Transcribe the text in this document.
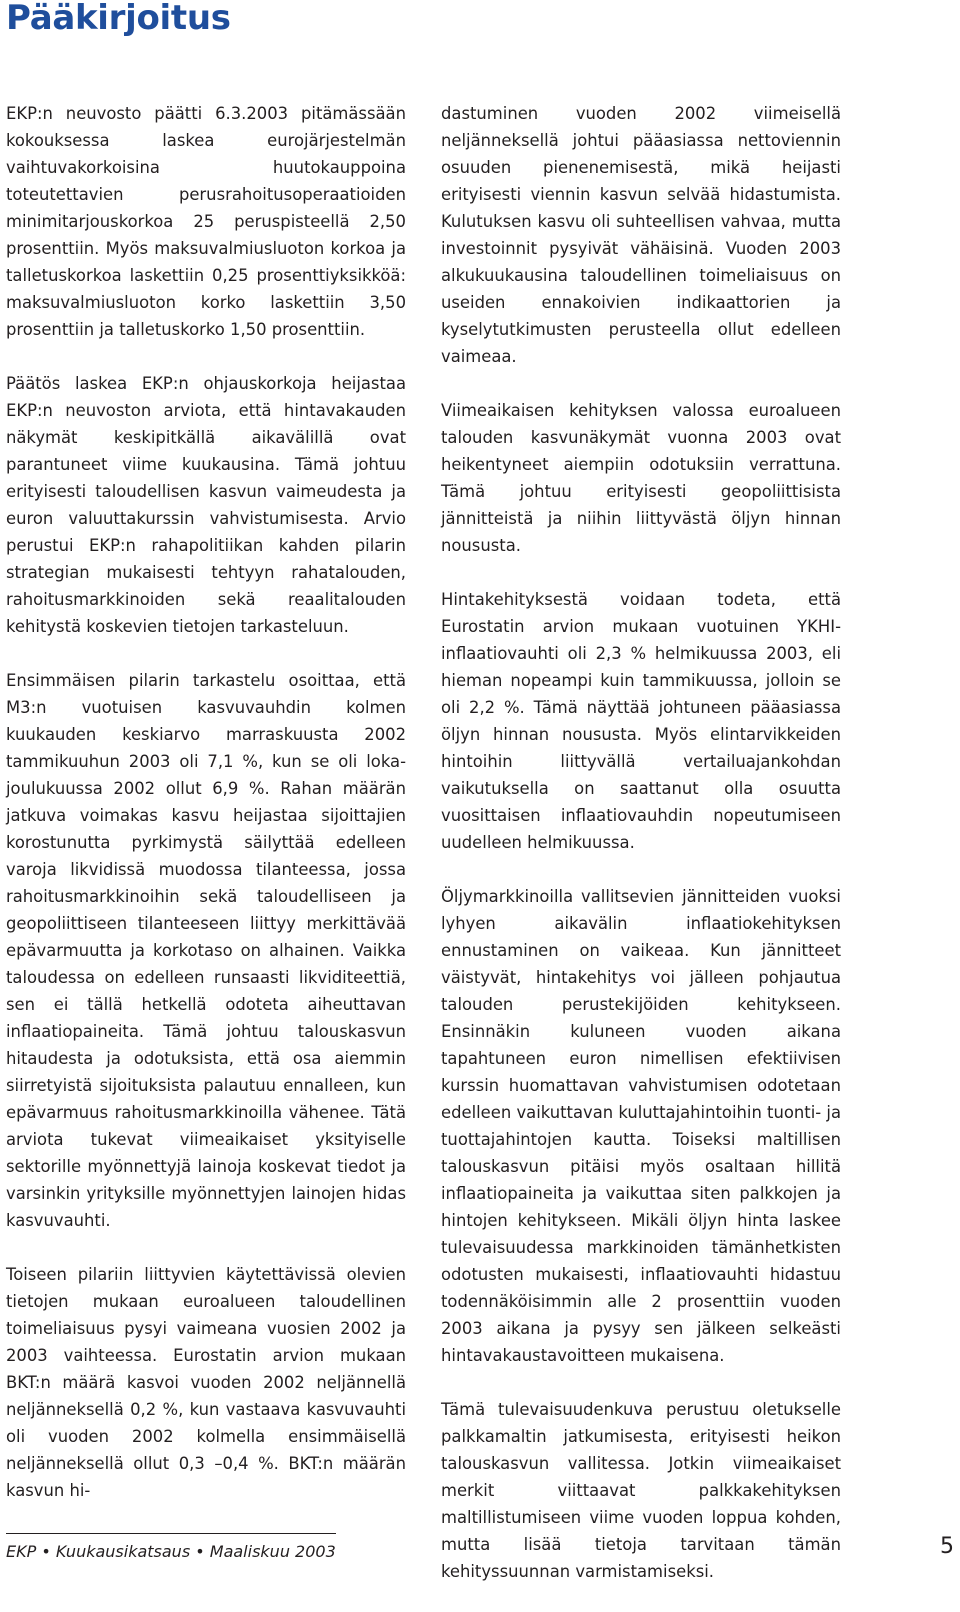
Pääkirjoitus

EKP:n neuvosto päätti 6.3.2003 pitämässään kokouksessa laskea eurojärjestelmän vaihtuvakorkoisina huutokauppoina toteutettavien perusrahoitusoperaatioiden minimitarjouskorkoa 25 peruspisteellä 2,50 prosenttiin. Myös maksuvalmiusluoton korkoa ja talletuskorkoa laskettiin 0,25 prosenttiyksikköä: maksuvalmiusluoton korko laskettiin 3,50 prosenttiin ja talletuskorko 1,50 prosenttiin.

Päätös laskea EKP:n ohjauskorkoja heijastaa EKP:n neuvoston arviota, että hintavakauden näkymät keskipitkällä aikavälillä ovat parantuneet viime kuukausina. Tämä johtuu erityisesti taloudellisen kasvun vaimeudesta ja euron valuuttakurssin vahvistumisesta. Arvio perustui EKP:n rahapolitiikan kahden pilarin strategian mukaisesti tehtyyn rahatalouden, rahoitusmarkkinoiden sekä reaalitalouden kehitystä koskevien tietojen tarkasteluun.

Ensimmäisen pilarin tarkastelu osoittaa, että M3:n vuotuisen kasvuvauhdin kolmen kuukauden keskiarvo marraskuusta 2002 tammikuuhun 2003 oli 7,1 %, kun se oli loka-joulukuussa 2002 ollut 6,9 %. Rahan määrän jatkuva voimakas kasvu heijastaa sijoittajien korostunutta pyrkimystä säilyttää edelleen varoja likvidissä muodossa tilanteessa, jossa rahoitusmarkkinoihin sekä taloudelliseen ja geopoliittiseen tilanteeseen liittyy merkittävää epävarmuutta ja korkotaso on alhainen. Vaikka taloudessa on edelleen runsaasti likviditeettiä, sen ei tällä hetkellä odoteta aiheuttavan inflaatiopaineita. Tämä johtuu talouskasvun hitaudesta ja odotuksista, että osa aiemmin siirretyistä sijoituksista palautuu ennalleen, kun epävarmuus rahoitusmarkkinoilla vähenee. Tätä arviota tukevat viimeaikaiset yksityiselle sektorille myönnettyjä lainoja koskevat tiedot ja varsinkin yrityksille myönnettyjen lainojen hidas kasvuvauhti.

Toiseen pilariin liittyvien käytettävissä olevien tietojen mukaan euroalueen taloudellinen toimeliaisuus pysyi vaimeana vuosien 2002 ja 2003 vaihteessa. Eurostatin arvion mukaan BKT:n määrä kasvoi vuoden 2002 neljännellä neljänneksellä 0,2 %, kun vastaava kasvuvauhti oli vuoden 2002 kolmella ensimmäisellä neljänneksellä ollut 0,3 –0,4 %. BKT:n määrän kasvun hi-

dastuminen vuoden 2002 viimeisellä neljänneksellä johtui pääasiassa nettoviennin osuuden pienenemisestä, mikä heijasti erityisesti viennin kasvun selvää hidastumista. Kulutuksen kasvu oli suhteellisen vahvaa, mutta investoinnit pysyivät vähäisinä. Vuoden 2003 alkukuukausina taloudellinen toimeliaisuus on useiden ennakoivien indikaattorien ja kyselytutkimusten perusteella ollut edelleen vaimeaa.

Viimeaikaisen kehityksen valossa euroalueen talouden kasvunäkymät vuonna 2003 ovat heikentyneet aiempiin odotuksiin verrattuna. Tämä johtuu erityisesti geopoliittisista jännitteistä ja niihin liittyvästä öljyn hinnan noususta.

Hintakehityksestä voidaan todeta, että Eurostatin arvion mukaan vuotuinen YKHI-inflaatiovauhti oli 2,3 % helmikuussa 2003, eli hieman nopeampi kuin tammikuussa, jolloin se oli 2,2 %. Tämä näyttää johtuneen pääasiassa öljyn hinnan noususta. Myös elintarvikkeiden hintoihin liittyvällä vertailuajankohdan vaikutuksella on saattanut olla osuutta vuosittaisen inflaatiovauhdin nopeutumiseen uudelleen helmikuussa.

Öljymarkkinoilla vallitsevien jännitteiden vuoksi lyhyen aikavälin inflaatiokehityksen ennustaminen on vaikeaa. Kun jännitteet väistyvät, hintakehitys voi jälleen pohjautua talouden perustekijöiden kehitykseen. Ensinnäkin kuluneen vuoden aikana tapahtuneen euron nimellisen efektiivisen kurssin huomattavan vahvistumisen odotetaan edelleen vaikuttavan kuluttajahintoihin tuonti- ja tuottajahintojen kautta. Toiseksi maltillisen talouskasvun pitäisi myös osaltaan hillitä inflaatiopaineita ja vaikuttaa siten palkkojen ja hintojen kehitykseen. Mikäli öljyn hinta laskee tulevaisuudessa markkinoiden tämänhetkisten odotusten mukaisesti, inflaatiovauhti hidastuu todennäköisimmin alle 2 prosenttiin vuoden 2003 aikana ja pysyy sen jälkeen selkeästi hintavakaustavoitteen mukaisena.

Tämä tulevaisuudenkuva perustuu oletukselle palkkamaltin jatkumisesta, erityisesti heikon talouskasvun vallitessa. Jotkin viimeaikaiset merkit viittaavat palkkakehityksen maltillistumiseen viime vuoden loppua kohden, mutta lisää tietoja tarvitaan tämän kehityssuunnan varmistamiseksi.

EKP • Kuukausikatsaus • Maaliskuu 2003	5
